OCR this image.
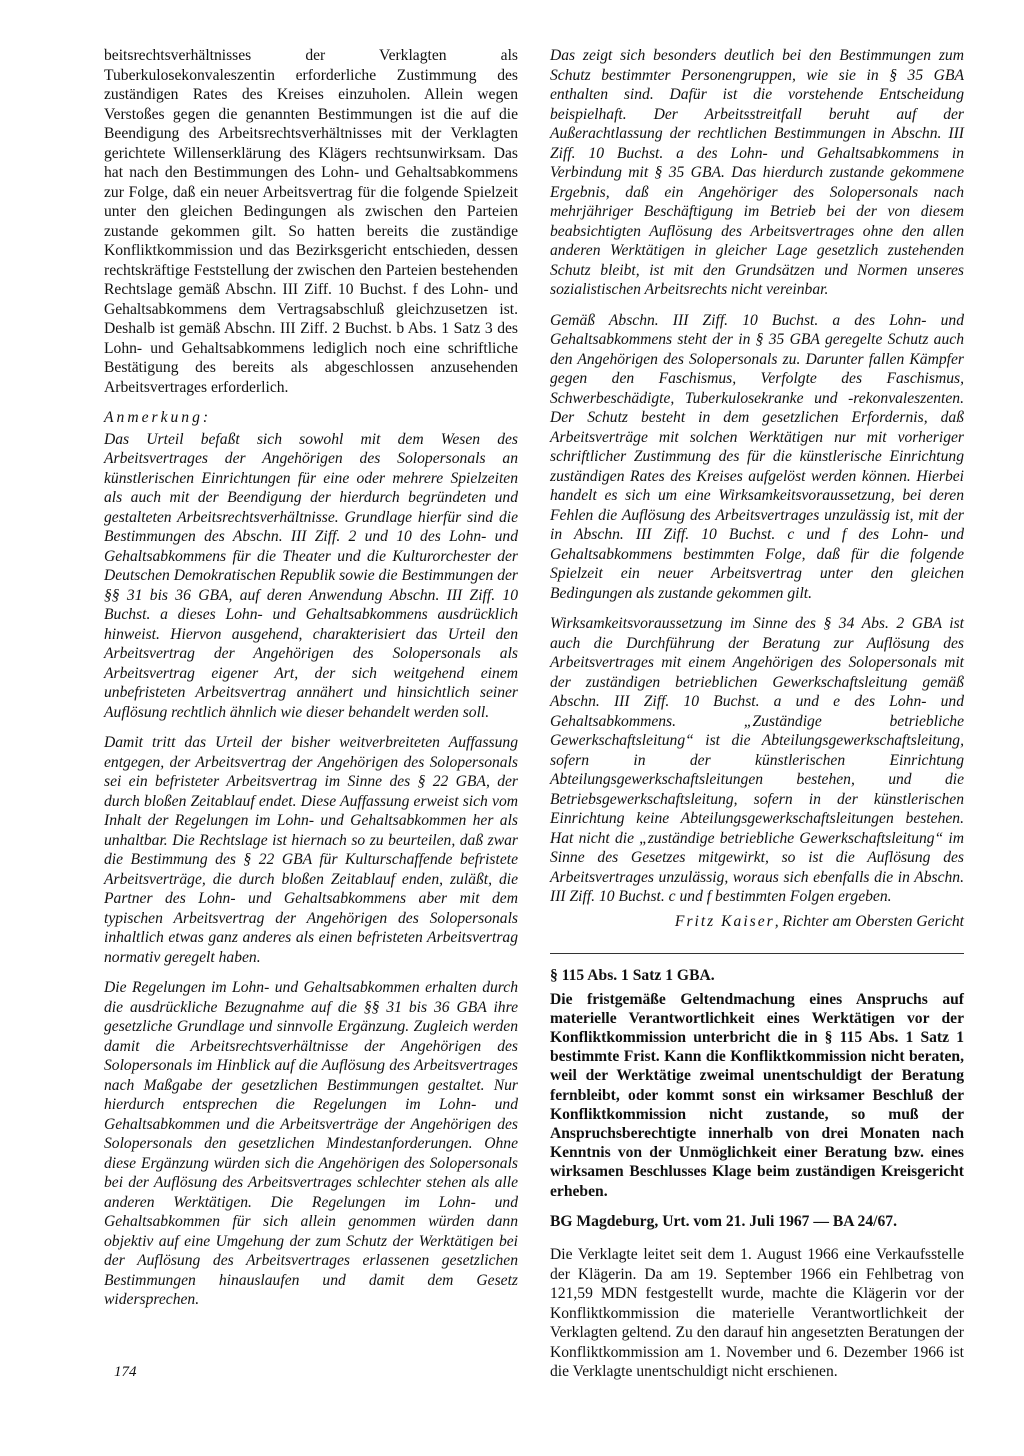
beitsrechtsverhältnisses der Verklagten als Tuberkulosekonvaleszentin erforderliche Zustimmung des zuständigen Rates des Kreises einzuholen. Allein wegen Verstoßes gegen die genannten Bestimmungen ist die auf die Beendigung des Arbeitsrechtsverhältnisses mit der Verklagten gerichtete Willenserklärung des Klägers rechtsunwirksam. Das hat nach den Bestimmungen des Lohn- und Gehaltsabkommens zur Folge, daß ein neuer Arbeitsvertrag für die folgende Spielzeit unter den gleichen Bedingungen als zwischen den Parteien zustande gekommen gilt. So hatten bereits die zuständige Konfliktkommission und das Bezirksgericht entschieden, dessen rechtskräftige Feststellung der zwischen den Parteien bestehenden Rechtslage gemäß Abschn. III Ziff. 10 Buchst. f des Lohn- und Gehaltsabkommens dem Vertragsabschluß gleichzusetzen ist. Deshalb ist gemäß Abschn. III Ziff. 2 Buchst. b Abs. 1 Satz 3 des Lohn- und Gehaltsabkommens lediglich noch eine schriftliche Bestätigung des bereits als abgeschlossen anzusehenden Arbeitsvertrages erforderlich.

Anmerkung:

Das Urteil befaßt sich sowohl mit dem Wesen des Arbeitsvertrages der Angehörigen des Solopersonals an künstlerischen Einrichtungen für eine oder mehrere Spielzeiten als auch mit der Beendigung der hierdurch begründeten und gestalteten Arbeitsrechtsverhältnisse. Grundlage hierfür sind die Bestimmungen des Abschn. III Ziff. 2 und 10 des Lohn- und Gehaltsabkommens für die Theater und die Kulturorchester der Deutschen Demokratischen Republik sowie die Bestimmungen der §§ 31 bis 36 GBA, auf deren Anwendung Abschn. III Ziff. 10 Buchst. a dieses Lohn- und Gehaltsabkommens ausdrücklich hinweist. Hiervon ausgehend, charakterisiert das Urteil den Arbeitsvertrag der Angehörigen des Solopersonals als Arbeitsvertrag eigener Art, der sich weitgehend einem unbefristeten Arbeitsvertrag annähert und hinsichtlich seiner Auflösung rechtlich ähnlich wie dieser behandelt werden soll.

Damit tritt das Urteil der bisher weitverbreiteten Auffassung entgegen, der Arbeitsvertrag der Angehörigen des Solopersonals sei ein befristeter Arbeitsvertrag im Sinne des § 22 GBA, der durch bloßen Zeitablauf endet. Diese Auffassung erweist sich vom Inhalt der Regelungen im Lohn- und Gehaltsabkommen her als unhaltbar. Die Rechtslage ist hiernach so zu beurteilen, daß zwar die Bestimmung des § 22 GBA für Kulturschaffende befristete Arbeitsverträge, die durch bloßen Zeitablauf enden, zuläßt, die Partner des Lohn- und Gehaltsabkommens aber mit dem typischen Arbeitsvertrag der Angehörigen des Solopersonals inhaltlich etwas ganz anderes als einen befristeten Arbeitsvertrag normativ geregelt haben.

Die Regelungen im Lohn- und Gehaltsabkommen erhalten durch die ausdrückliche Bezugnahme auf die §§ 31 bis 36 GBA ihre gesetzliche Grundlage und sinnvolle Ergänzung. Zugleich werden damit die Arbeitsrechtsverhältnisse der Angehörigen des Solopersonals im Hinblick auf die Auflösung des Arbeitsvertrages nach Maßgabe der gesetzlichen Bestimmungen gestaltet. Nur hierdurch entsprechen die Regelungen im Lohn- und Gehaltsabkommen und die Arbeitsverträge der Angehörigen des Solopersonals den gesetzlichen Mindestanforderungen. Ohne diese Ergänzung würden sich die Angehörigen des Solopersonals bei der Auflösung des Arbeitsvertrages schlechter stehen als alle anderen Werktätigen. Die Regelungen im Lohn- und Gehaltsabkommen für sich allein genommen würden dann objektiv auf eine Umgehung der zum Schutz der Werktätigen bei der Auflösung des Arbeitsvertrages erlassenen gesetzlichen Bestimmungen hinauslaufen und damit dem Gesetz widersprechen.

Das zeigt sich besonders deutlich bei den Bestimmungen zum Schutz bestimmter Personengruppen, wie sie in § 35 GBA enthalten sind. Dafür ist die vorstehende Entscheidung beispielhaft. Der Arbeitsstreitfall beruht auf der Außerachtlassung der rechtlichen Bestimmungen in Abschn. III Ziff. 10 Buchst. a des Lohn- und Gehaltsabkommens in Verbindung mit § 35 GBA. Das hierdurch zustande gekommene Ergebnis, daß ein Angehöriger des Solopersonals nach mehrjähriger Beschäftigung im Betrieb bei der von diesem beabsichtigten Auflösung des Arbeitsvertrages ohne den allen anderen Werktätigen in gleicher Lage gesetzlich zustehenden Schutz bleibt, ist mit den Grundsätzen und Normen unseres sozialistischen Arbeitsrechts nicht vereinbar.

Gemäß Abschn. III Ziff. 10 Buchst. a des Lohn- und Gehaltsabkommens steht der in § 35 GBA geregelte Schutz auch den Angehörigen des Solopersonals zu. Darunter fallen Kämpfer gegen den Faschismus, Verfolgte des Faschismus, Schwerbeschädigte, Tuberkulosekranke und -rekonvaleszenten. Der Schutz besteht in dem gesetzlichen Erfordernis, daß Arbeitsverträge mit solchen Werktätigen nur mit vorheriger schriftlicher Zustimmung des für die künstlerische Einrichtung zuständigen Rates des Kreises aufgelöst werden können. Hierbei handelt es sich um eine Wirksamkeitsvoraussetzung, bei deren Fehlen die Auflösung des Arbeitsvertrages unzulässig ist, mit der in Abschn. III Ziff. 10 Buchst. c und f des Lohn- und Gehaltsabkommens bestimmten Folge, daß für die folgende Spielzeit ein neuer Arbeitsvertrag unter den gleichen Bedingungen als zustande gekommen gilt.

Wirksamkeitsvoraussetzung im Sinne des § 34 Abs. 2 GBA ist auch die Durchführung der Beratung zur Auflösung des Arbeitsvertrages mit einem Angehörigen des Solopersonals mit der zuständigen betrieblichen Gewerkschaftsleitung gemäß Abschn. III Ziff. 10 Buchst. a und e des Lohn- und Gehaltsabkommens. „Zuständige betriebliche Gewerkschaftsleitung“ ist die Abteilungsgewerkschaftsleitung, sofern in der künstlerischen Einrichtung Abteilungsgewerkschaftsleitungen bestehen, und die Betriebsgewerkschaftsleitung, sofern in der künstlerischen Einrichtung keine Abteilungsgewerkschaftsleitungen bestehen. Hat nicht die „zuständige betriebliche Gewerkschaftsleitung“ im Sinne des Gesetzes mitgewirkt, so ist die Auflösung des Arbeitsvertrages unzulässig, woraus sich ebenfalls die in Abschn. III Ziff. 10 Buchst. c und f bestimmten Folgen ergeben.

Fritz Kaiser, Richter am Obersten Gericht
§ 115 Abs. 1 Satz 1 GBA.

Die fristgemäße Geltendmachung eines Anspruchs auf materielle Verantwortlichkeit eines Werktätigen vor der Konfliktkommission unterbricht die in § 115 Abs. 1 Satz 1 bestimmte Frist. Kann die Konfliktkommission nicht beraten, weil der Werktätige zweimal unentschuldigt der Beratung fernbleibt, oder kommt sonst ein wirksamer Beschluß der Konfliktkommission nicht zustande, so muß der Anspruchsberechtigte innerhalb von drei Monaten nach Kenntnis von der Unmöglichkeit einer Beratung bzw. eines wirksamen Beschlusses Klage beim zuständigen Kreisgericht erheben.

BG Magdeburg, Urt. vom 21. Juli 1967 — BA 24/67.

Die Verklagte leitet seit dem 1. August 1966 eine Verkaufsstelle der Klägerin. Da am 19. September 1966 ein Fehlbetrag von 121,59 MDN festgestellt wurde, machte die Klägerin vor der Konfliktkommission die materielle Verantwortlichkeit der Verklagten geltend. Zu den darauf hin angesetzten Beratungen der Konfliktkommission am 1. November und 6. Dezember 1966 ist die Verklagte unentschuldigt nicht erschienen.

174
